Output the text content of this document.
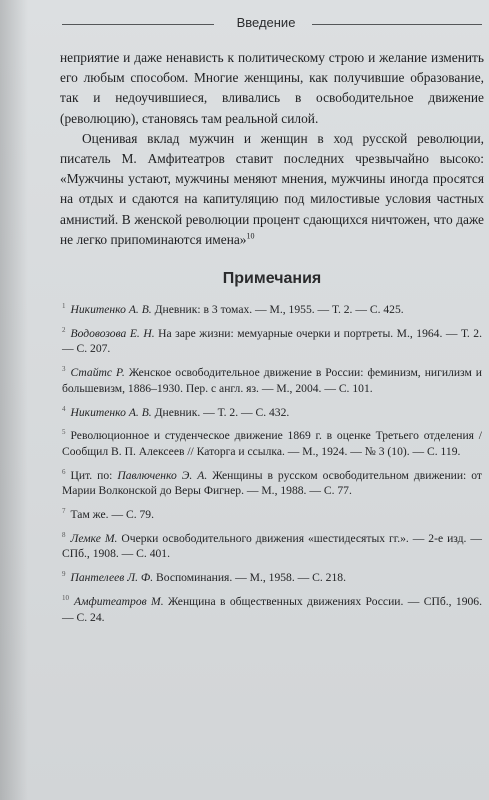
Введение

неприятие и даже ненависть к политическому строю и желание изменить его любым способом. Многие женщины, как получившие образование, так и недоучившиеся, вливались в освободительное движение (революцию), становясь там реальной силой.

Оценивая вклад мужчин и женщин в ход русской революции, писатель М. Амфитеатров ставит последних чрезвычайно высоко: «Мужчины устают, мужчины меняют мнения, мужчины иногда просятся на отдых и сдаются на капитуляцию под милостивые условия частных амнистий. В женской революции процент сдающихся ничтожен, что даже не легко припоминаются имена»$^{10}$

Примечания

$^1$ Никитенко А. В. Дневник: в 3 томах. — М., 1955. — Т. 2. — С. 425.

$^2$ Водовозова Е. Н. На заре жизни: мемуарные очерки и портреты. М., 1964. — Т. 2. — С. 207.

$^3$ Стайтс Р. Женское освободительное движение в России: феминизм, нигилизм и большевизм, 1886–1930. Пер. с англ. яз. — М., 2004. — С. 101.

$^4$ Никитенко А. В. Дневник. — Т. 2. — С. 432.

$^5$ Революционное и студенческое движение 1869 г. в оценке Третьего отделения / Сообщил В. П. Алексеев // Каторга и ссылка. — М., 1924. — № 3 (10). — С. 119.

$^6$ Цит. по: Павлюченко Э. А. Женщины в русском освободительном движении: от Марии Волконской до Веры Фигнер. — М., 1988. — С. 77.

$^7$ Там же. — С. 79.

$^8$ Лемке М. Очерки освободительного движения «шестидесятых гг.». — 2-е изд. — СПб., 1908. — С. 401.

$^9$ Пантелеев Л. Ф. Воспоминания. — М., 1958. — С. 218.

$^{10}$ Амфитеатров М. Женщина в общественных движениях России. — СПб., 1906. — С. 24.
